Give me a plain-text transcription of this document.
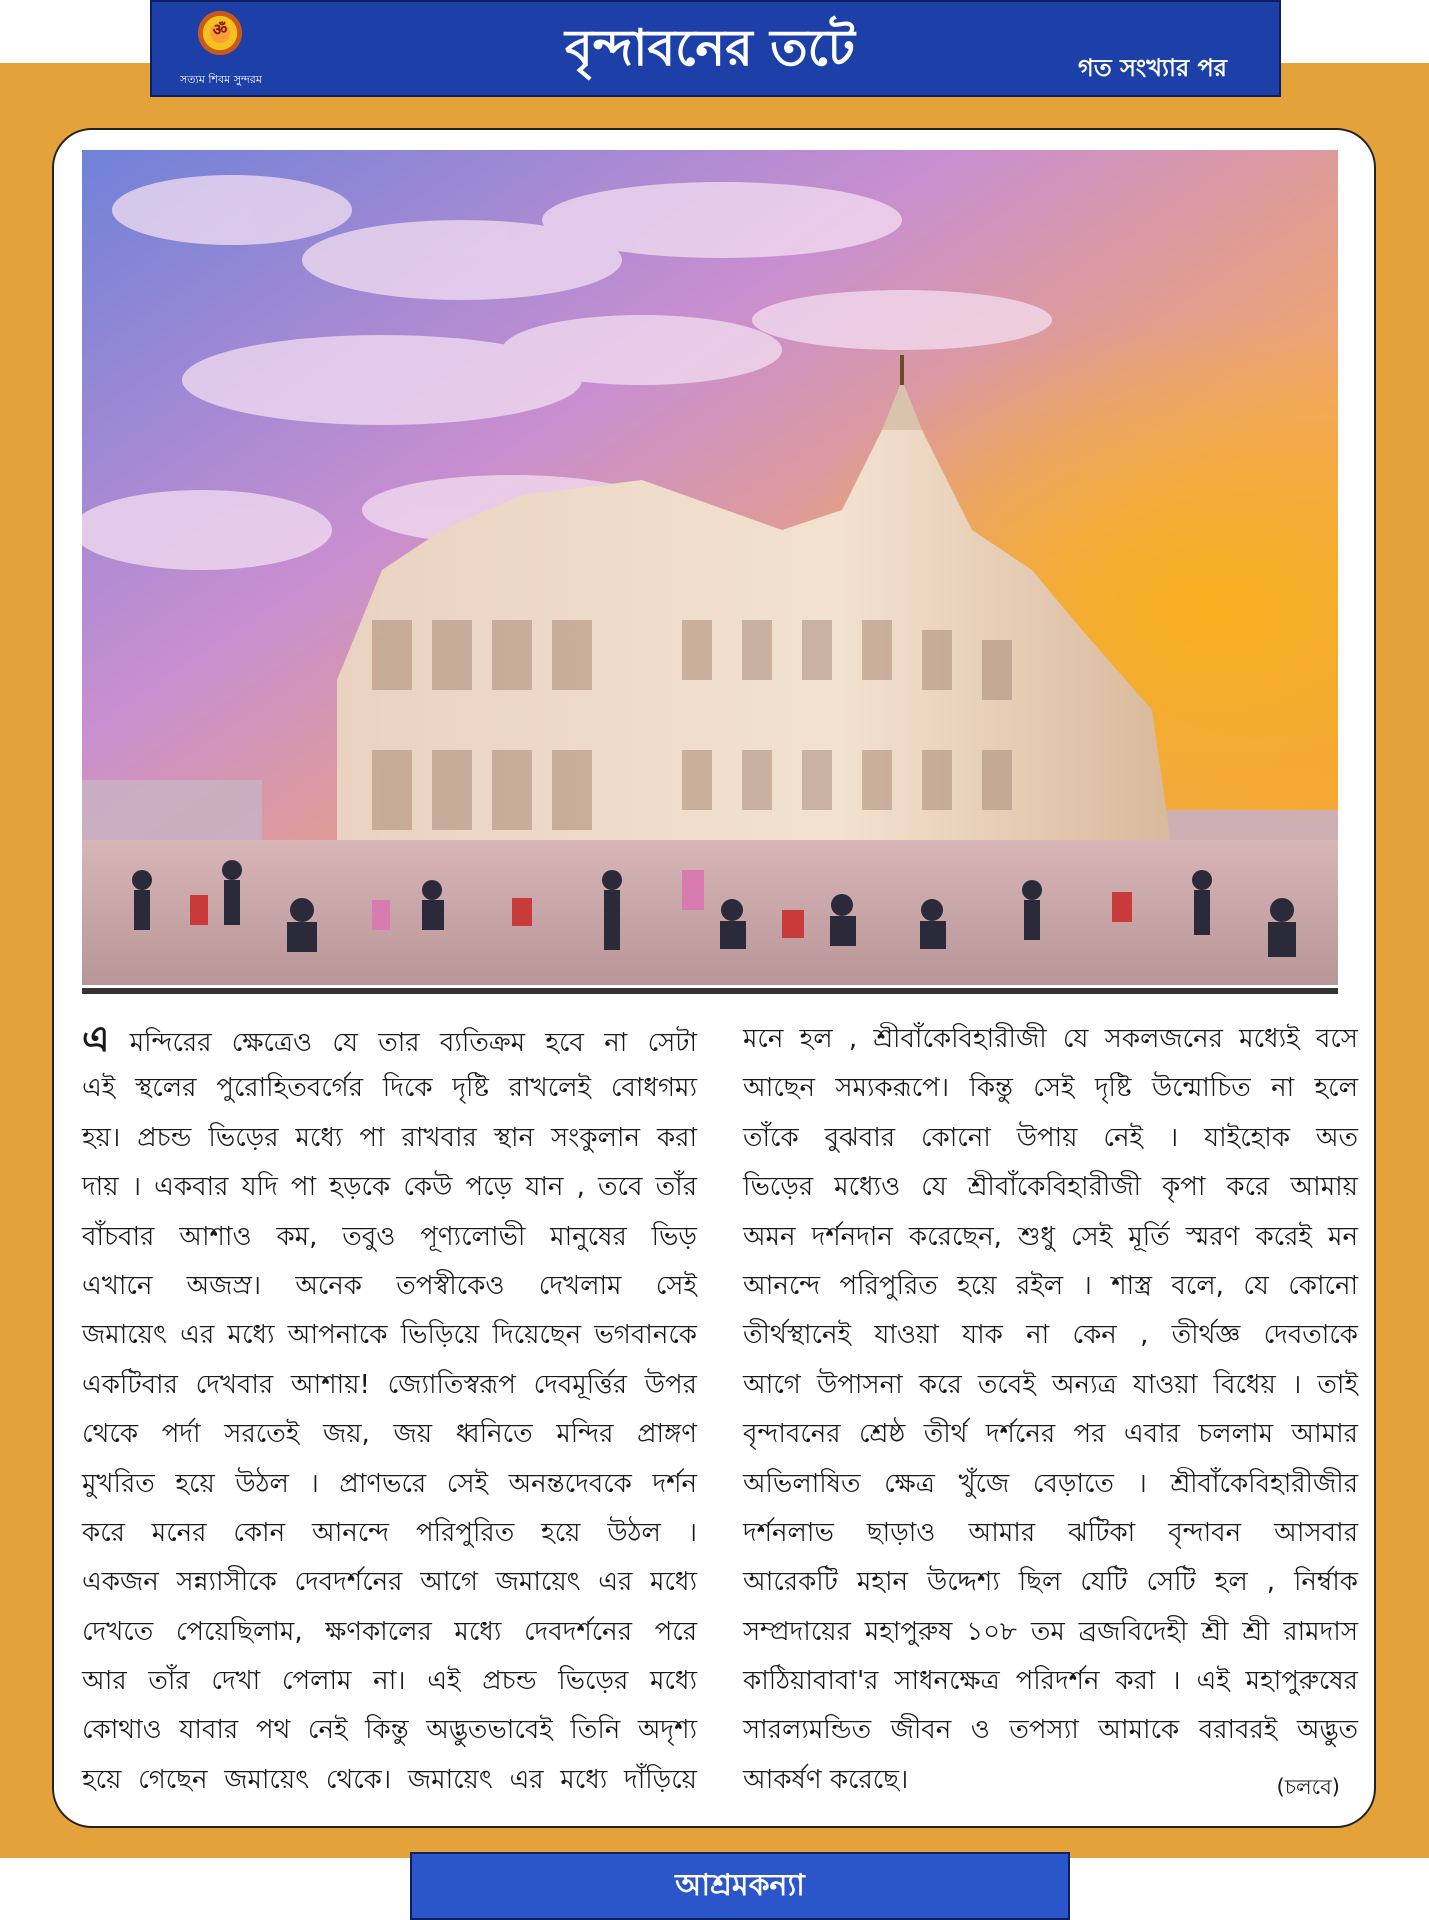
ॐ
সত্যম শিবম সুন্দরম
বৃন্দাবনের তটে	গত সংখ্যার পর
এ মন্দিরের ক্ষেত্রেও যে তার ব্যতিক্রম হবে না সেটা
এই স্থলের পুরোহিতবর্গের দিকে দৃষ্টি রাখলেই বোধগম্য
হয়। প্রচন্ড ভিড়ের মধ্যে পা রাখবার স্থান সংকুলান করা
দায় । একবার যদি পা হড়কে কেউ পড়ে যান , তবে তাঁর
বাঁচবার আশাও কম, তবুও পূণ্যলোভী মানুষের ভিড়
এখানে অজস্র। অনেক তপস্বীকেও দেখলাম সেই
জমায়েৎ এর মধ্যে আপনাকে ভিড়িয়ে দিয়েছেন ভগবানকে
একটিবার দেখবার আশায়! জ্যোতিস্বরূপ দেবমূর্ত্তির উপর
থেকে পর্দা সরতেই জয়, জয় ধ্বনিতে মন্দির প্রাঙ্গণ
মুখরিত হয়ে উঠল । প্রাণভরে সেই অনন্তদেবকে দর্শন
করে মনের কোন আনন্দে পরিপুরিত হয়ে উঠল ।
একজন সন্ন্যাসীকে দেবদর্শনের আগে জমায়েৎ এর মধ্যে
দেখতে পেয়েছিলাম, ক্ষণকালের মধ্যে দেবদর্শনের পরে
আর তাঁর দেখা পেলাম না। এই প্রচন্ড ভিড়ের মধ্যে
কোথাও যাবার পথ নেই কিন্তু অদ্ভুতভাবেই তিনি অদৃশ্য
হয়ে গেছেন জমায়েৎ থেকে। জমায়েৎ এর মধ্যে দাঁড়িয়ে
মনে হল , শ্রীবাঁকেবিহারীজী যে সকলজনের মধ্যেই বসে
আছেন সম্যকরূপে। কিন্তু সেই দৃষ্টি উন্মোচিত না হলে
তাঁকে বুঝবার কোনো উপায় নেই । যাইহোক অত
ভিড়ের মধ্যেও যে শ্রীবাঁকেবিহারীজী কৃপা করে আমায়
অমন দর্শনদান করেছেন, শুধু সেই মূর্তি স্মরণ করেই মন
আনন্দে পরিপুরিত হয়ে রইল । শাস্ত্র বলে, যে কোনো
তীর্থস্থানেই যাওয়া যাক না কেন , তীর্থজ্ঞ দেবতাকে
আগে উপাসনা করে তবেই অন্যত্র যাওয়া বিধেয় । তাই
বৃন্দাবনের শ্রেষ্ঠ তীর্থ দর্শনের পর এবার চললাম আমার
অভিলাষিত ক্ষেত্র খুঁজে বেড়াতে । শ্রীবাঁকেবিহারীজীর
দর্শনলাভ ছাড়াও আমার ঝটিকা বৃন্দাবন আসবার
আরেকটি মহান উদ্দেশ্য ছিল যেটি সেটি হল , নির্ম্বাক
সম্প্রদায়ের মহাপুরুষ ১০৮ তম ব্রজবিদেহী শ্রী শ্রী রামদাস
কাঠিয়াবাবা'র সাধনক্ষেত্র পরিদর্শন করা । এই মহাপুরুষের
সারল্যমন্ডিত জীবন ও তপস্যা আমাকে বরাবরই অদ্ভুত
আকর্ষণ করেছে।	(চলবে)
আশ্রমকন্যা
